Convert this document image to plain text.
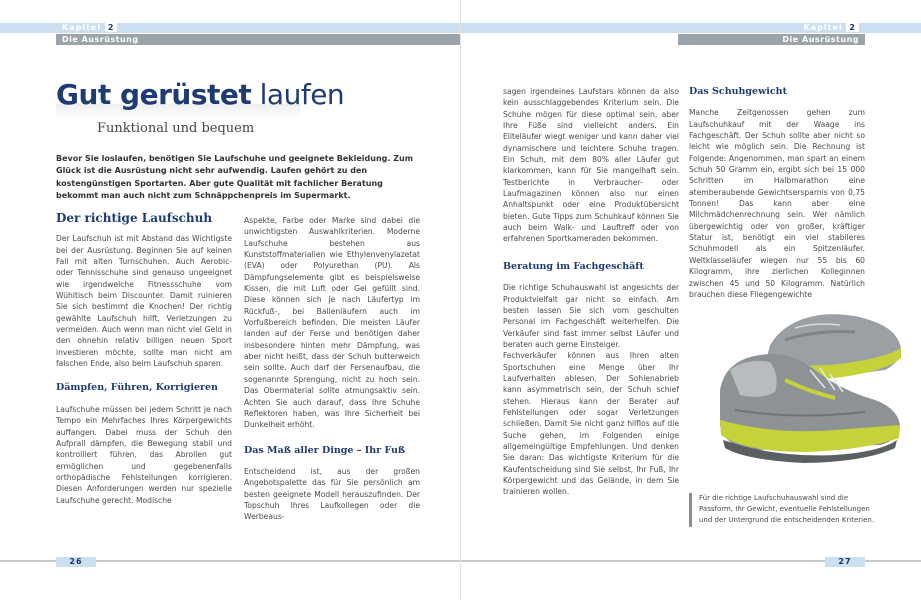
Kapitel 2
Die Ausrüstung
Gut gerüstet laufen
Funktional und bequem
Bevor Sie loslaufen, benötigen Sie Laufschuhe und geeignete Bekleidung. Zum Glück ist die Ausrüstung nicht sehr aufwendig. Laufen gehört zu den kostengünstigen Sportarten. Aber gute Qualität mit fachlicher Beratung bekommt man auch nicht zum Schnäppchenpreis im Supermarkt.
Der richtige Laufschuh

Der Laufschuh ist mit Abstand das Wichtigste bei der Ausrüstung. Beginnen Sie auf keinen Fall mit alten Turnschuhen. Auch Aerobic- oder Tennisschuhe sind genauso ungeeignet wie irgendwelche Fitnessschuhe vom Wühltisch beim Discounter. Damit ruinieren Sie sich bestimmt die Knochen! Der richtig gewählte Laufschuh hilft, Verletzungen zu vermeiden. Auch wenn man nicht viel Geld in den ohnehin relativ billigen neuen Sport investieren möchte, sollte man nicht am falschen Ende, also beim Laufschuh sparen.

Dämpfen, Führen, Korrigieren

Laufschuhe müssen bei jedem Schritt je nach Tempo ein Mehrfaches Ihres Körpergewichts auffangen. Dabei muss der Schuh den Aufprall dämpfen, die Bewegung stabil und kontrolliert führen, das Abrollen gut ermöglichen und gegebenenfalls orthopädische Fehlstellungen korrigieren. Diesen Anforderungen werden nur spezielle Laufschuhe gerecht. Modische

Aspekte, Farbe oder Marke sind dabei die unwichtigsten Auswahlkriterien. Moderne Laufschuhe bestehen aus Kunststoffmaterialien wie Ethylenvenylazetat (EVA) oder Polyurethan (PU). Als Dämpfungselemente gibt es beispielsweise Kissen, die mit Luft oder Gel gefüllt sind. Diese können sich je nach Läufertyp im Rückfuß-, bei Ballenläufern auch im Vorfußbereich befinden. Die meisten Läufer landen auf der Ferse und benötigen daher insbesondere hinten mehr Dämpfung, was aber nicht heißt, dass der Schuh butterweich sein sollte. Auch darf der Fersenaufbau, die sogenannte Sprengung, nicht zu hoch sein. Das Obermaterial sollte atmungsaktiv sein. Achten Sie auch darauf, dass Ihre Schuhe Reflektoren haben, was Ihre Sicherheit bei Dunkelheit erhöht.

Das Maß aller Dinge – Ihr Fuß

Entscheidend ist, aus der großen Angebotspalette das für Sie persönlich am besten geeignete Modell herauszufinden. Der Topschuh Ihres Laufkollegen oder die Werbeaus-

26
Kapitel 2
Die Ausrüstung

sagen irgendeines Laufstars können da also kein ausschlaggebendes Kriterium sein. Die Schuhe mögen für diese optimal sein, aber Ihre Füße sind vielleicht anders. Ein Eliteläufer wiegt weniger und kann daher viel dynamischere und leichtere Schuhe tragen. Ein Schuh, mit dem 80% aller Läufer gut klarkommen, kann für Sie mangelhaft sein. Testberichte in Verbraucher- oder Laufmagazinen können also nur einen Anhaltspunkt oder eine Produktübersicht bieten. Gute Tipps zum Schuhkauf können Sie auch beim Walk- und Lauftreff oder von erfahrenen Sportkameraden bekommen.

Beratung im Fachgeschäft

Die richtige Schuhauswahl ist angesichts der Produktvielfalt gar nicht so einfach. Am besten lassen Sie sich vom geschulten Personal im Fachgeschäft weiterhelfen. Die Verkäufer sind fast immer selbst Läufer und beraten auch gerne Einsteiger.

Fachverkäufer können aus Ihren alten Sportschuhen eine Menge über Ihr Laufverhalten ablesen. Der Sohlenabrieb kann asymmetrisch sein, der Schuh schief stehen. Hieraus kann der Berater auf Fehlstellungen oder sogar Verletzungen schließen. Damit Sie nicht ganz hilflos auf die Suche gehen, im Folgenden einige allgemeingültige Empfehlungen. Und denken Sie daran: Das wichtigste Kriterium für die Kaufentscheidung sind Sie selbst, Ihr Fuß, Ihr Körpergewicht und das Gelände, in dem Sie trainieren wollen.

Das Schuhgewicht

Manche Zeitgenossen gehen zum Laufschuhkauf mit der Waage ins Fachgeschäft. Der Schuh sollte aber nicht so leicht wie möglich sein. Die Rechnung ist Folgende: Angenommen, man spart an einem Schuh 50 Gramm ein, ergibt sich bei 15 000 Schritten im Halbmarathon eine atemberaubende Gewichtsersparnis von 0,75 Tonnen! Das kann aber eine Milchmädchenrechnung sein. Wer nämlich übergewichtig oder von großer, kräftiger Statur ist, benötigt ein viel stabileres Schuhmodell als ein Spitzenläufer. Weltklasseläufer wiegen nur 55 bis 60 Kilogramm, ihre zierlichen Kolleginnen zwischen 45 und 50 Kilogramm. Natürlich brauchen diese Fliegengewichte

27
Für die richtige Laufschuhauswahl sind die Passform, Ihr Gewicht, eventuelle Fehlstellungen und der Untergrund die entscheidenden Kriterien.
